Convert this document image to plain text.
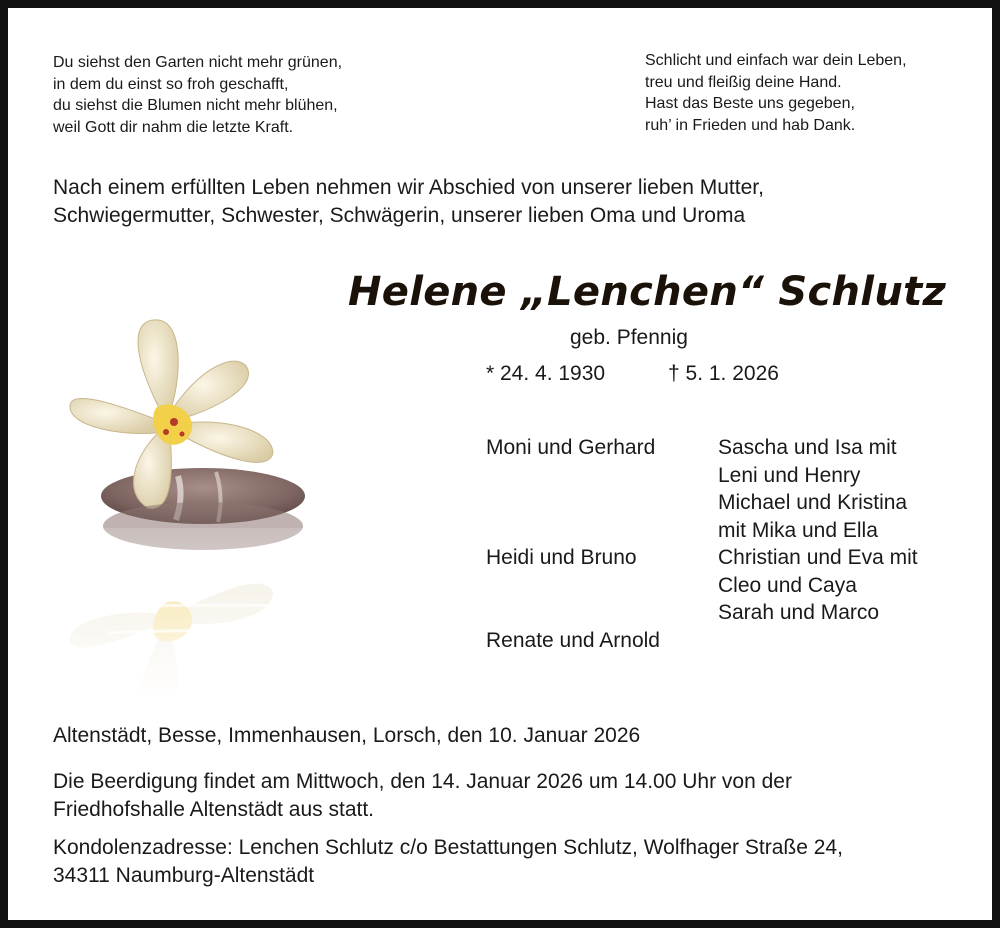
Du siehst den Garten nicht mehr grünen,
in dem du einst so froh geschafft,
du siehst die Blumen nicht mehr blühen,
weil Gott dir nahm die letzte Kraft.
Schlicht und einfach war dein Leben,
treu und fleißig deine Hand.
Hast das Beste uns gegeben,
ruh’ in Frieden und hab Dank.
Nach einem erfüllten Leben nehmen wir Abschied von unserer lieben Mutter,
Schwiegermutter, Schwester, Schwägerin, unserer lieben Oma und Uroma
Helene „Lenchen“ Schlutz
geb. Pfennig
* 24. 4. 1930	† 5. 1. 2026
Moni und Gerhard
Heidi und Bruno
Renate und Arnold
Sascha und Isa mit
Leni und Henry
Michael und Kristina
mit Mika und Ella
Christian und Eva mit
Cleo und Caya
Sarah und Marco
Altenstädt, Besse, Immenhausen, Lorsch, den 10. Januar 2026
Die Beerdigung findet am Mittwoch, den 14. Januar 2026 um 14.00 Uhr von der
Friedhofshalle Altenstädt aus statt.
Kondolenzadresse: Lenchen Schlutz c/o Bestattungen Schlutz, Wolfhager Straße 24,
34311 Naumburg-Altenstädt
